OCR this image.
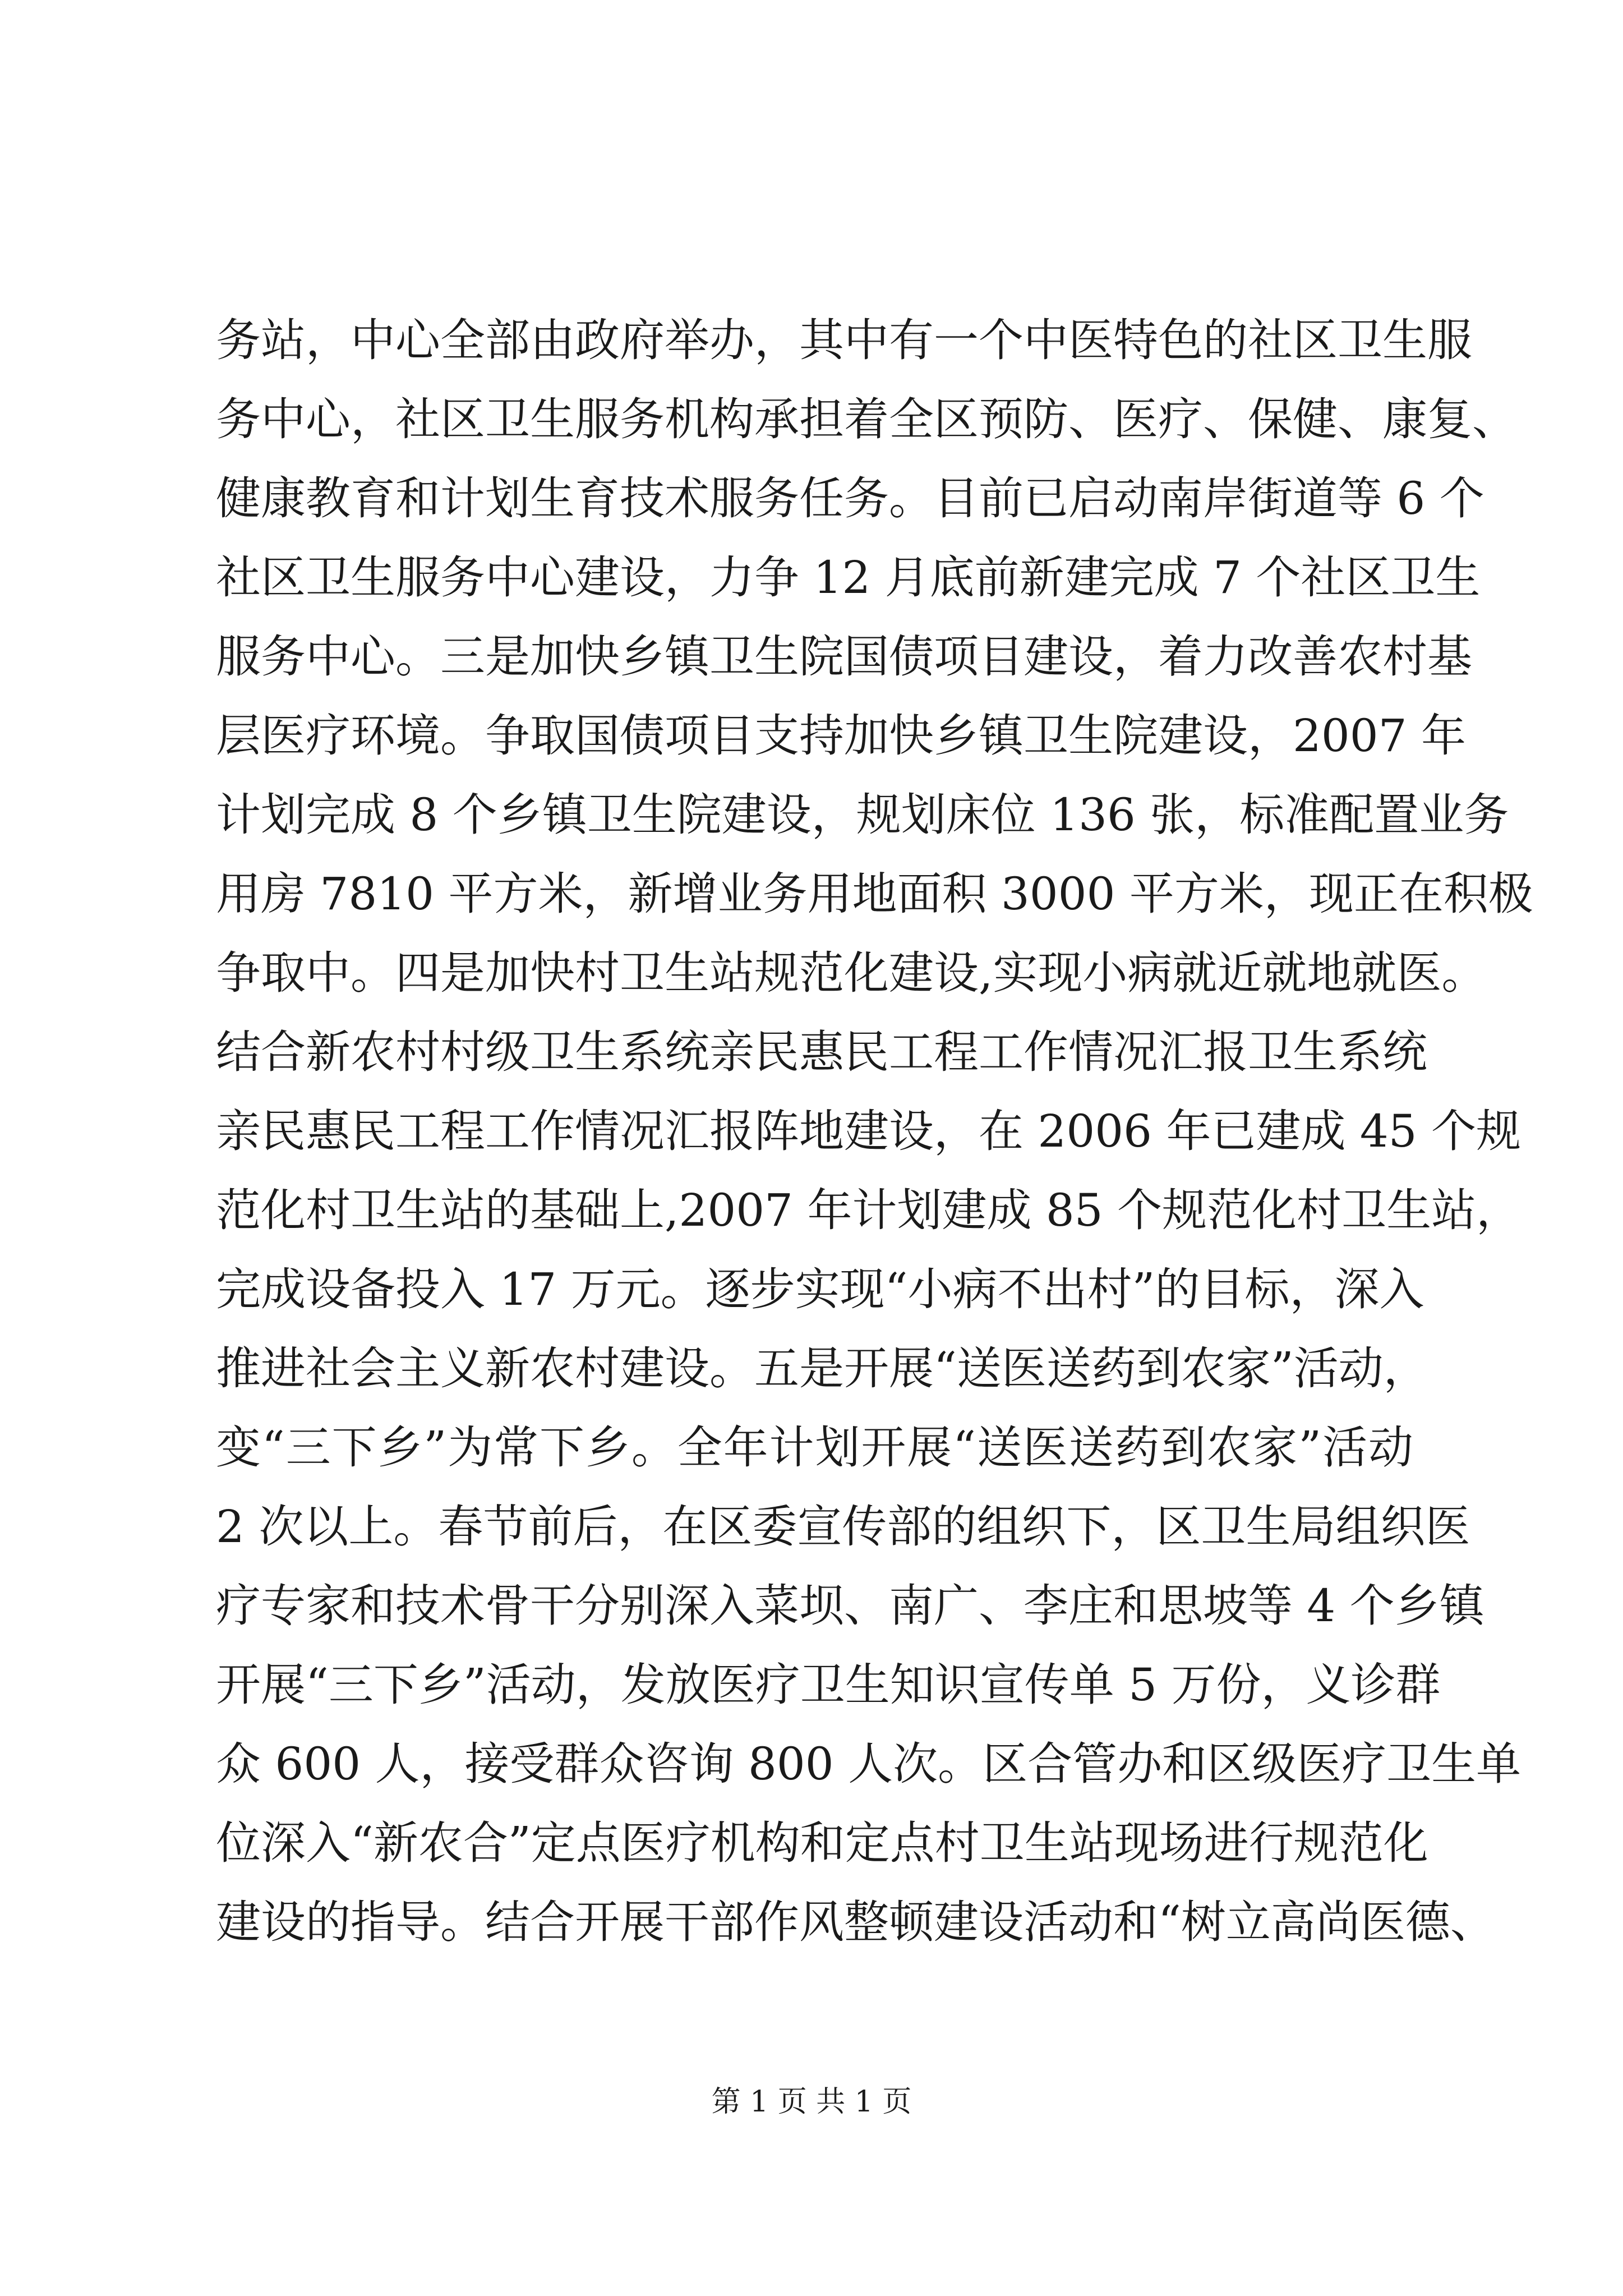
务站，中心全部由政府举办，其中有一个中医特色的社区卫生服
务中心，社区卫生服务机构承担着全区预防、医疗、保健、康复、
健康教育和计划生育技术服务任务。目前已启动南岸街道等 6 个
社区卫生服务中心建设，力争 12 月底前新建完成 7 个社区卫生
服务中心。三是加快乡镇卫生院国债项目建设，着力改善农村基
层医疗环境。争取国债项目支持加快乡镇卫生院建设，2007 年
计划完成 8 个乡镇卫生院建设，规划床位 136 张，标准配置业务
用房 7810 平方米，新增业务用地面积 3000 平方米，现正在积极
争取中。四是加快村卫生站规范化建设,实现小病就近就地就医。
结合新农村村级卫生系统亲民惠民工程工作情况汇报卫生系统
亲民惠民工程工作情况汇报阵地建设，在 2006 年已建成 45 个规
范化村卫生站的基础上,2007 年计划建成 85 个规范化村卫生站，
完成设备投入 17 万元。逐步实现“小病不出村”的目标，深入
推进社会主义新农村建设。五是开展“送医送药到农家”活动，
变“三下乡”为常下乡。全年计划开展“送医送药到农家”活动
2 次以上。春节前后，在区委宣传部的组织下，区卫生局组织医
疗专家和技术骨干分别深入菜坝、南广、李庄和思坡等 4 个乡镇
开展“三下乡”活动，发放医疗卫生知识宣传单 5 万份，义诊群
众 600 人，接受群众咨询 800 人次。区合管办和区级医疗卫生单
位深入“新农合”定点医疗机构和定点村卫生站现场进行规范化
建设的指导。结合开展干部作风整顿建设活动和“树立高尚医德、
第 1 页 共 1 页
